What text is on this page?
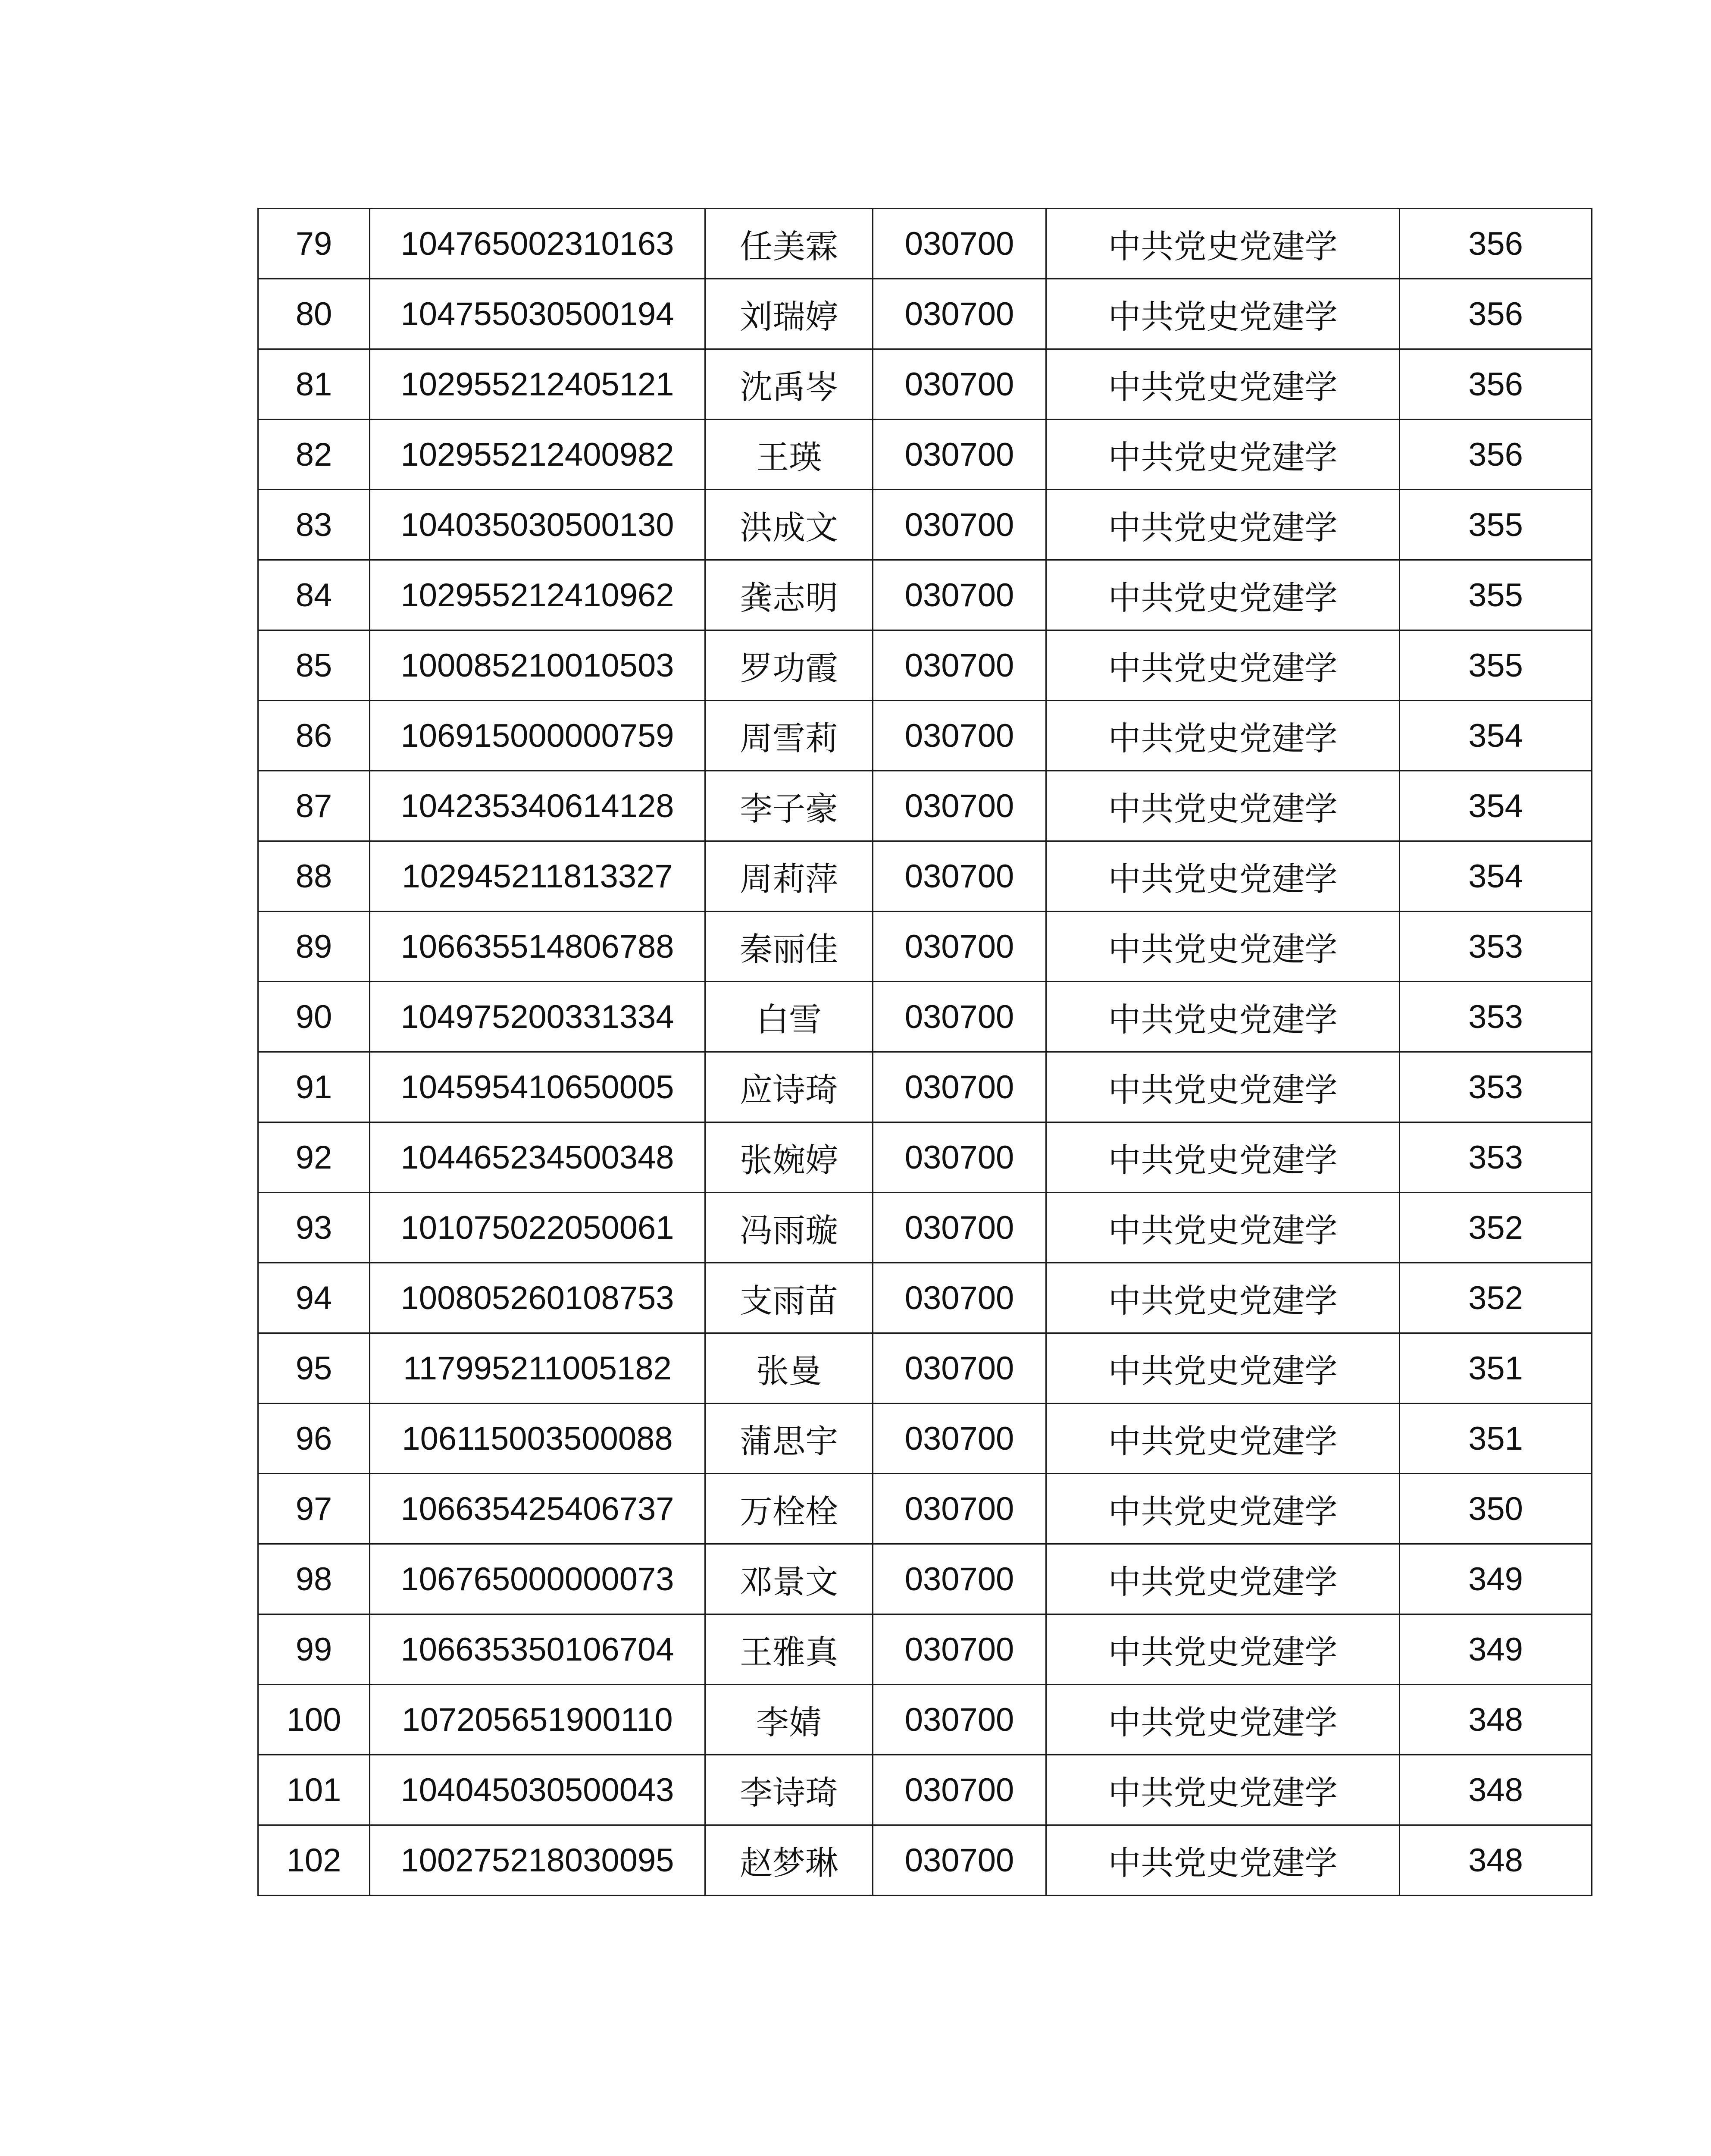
79	104765002310163	任美霖	030700	中共党史党建学	356
80	104755030500194	刘瑞婷	030700	中共党史党建学	356
81	102955212405121	沈禹岑	030700	中共党史党建学	356
82	102955212400982	王瑛	030700	中共党史党建学	356
83	104035030500130	洪成文	030700	中共党史党建学	355
84	102955212410962	龚志明	030700	中共党史党建学	355
85	100085210010503	罗功霞	030700	中共党史党建学	355
86	106915000000759	周雪莉	030700	中共党史党建学	354
87	104235340614128	李子豪	030700	中共党史党建学	354
88	102945211813327	周莉萍	030700	中共党史党建学	354
89	106635514806788	秦丽佳	030700	中共党史党建学	353
90	104975200331334	白雪	030700	中共党史党建学	353
91	104595410650005	应诗琦	030700	中共党史党建学	353
92	104465234500348	张婉婷	030700	中共党史党建学	353
93	101075022050061	冯雨璇	030700	中共党史党建学	352
94	100805260108753	支雨苗	030700	中共党史党建学	352
95	117995211005182	张曼	030700	中共党史党建学	351
96	106115003500088	蒲思宇	030700	中共党史党建学	351
97	106635425406737	万栓栓	030700	中共党史党建学	350
98	106765000000073	邓景文	030700	中共党史党建学	349
99	106635350106704	王雅真	030700	中共党史党建学	349
100	107205651900110	李婧	030700	中共党史党建学	348
101	104045030500043	李诗琦	030700	中共党史党建学	348
102	100275218030095	赵梦琳	030700	中共党史党建学	348
